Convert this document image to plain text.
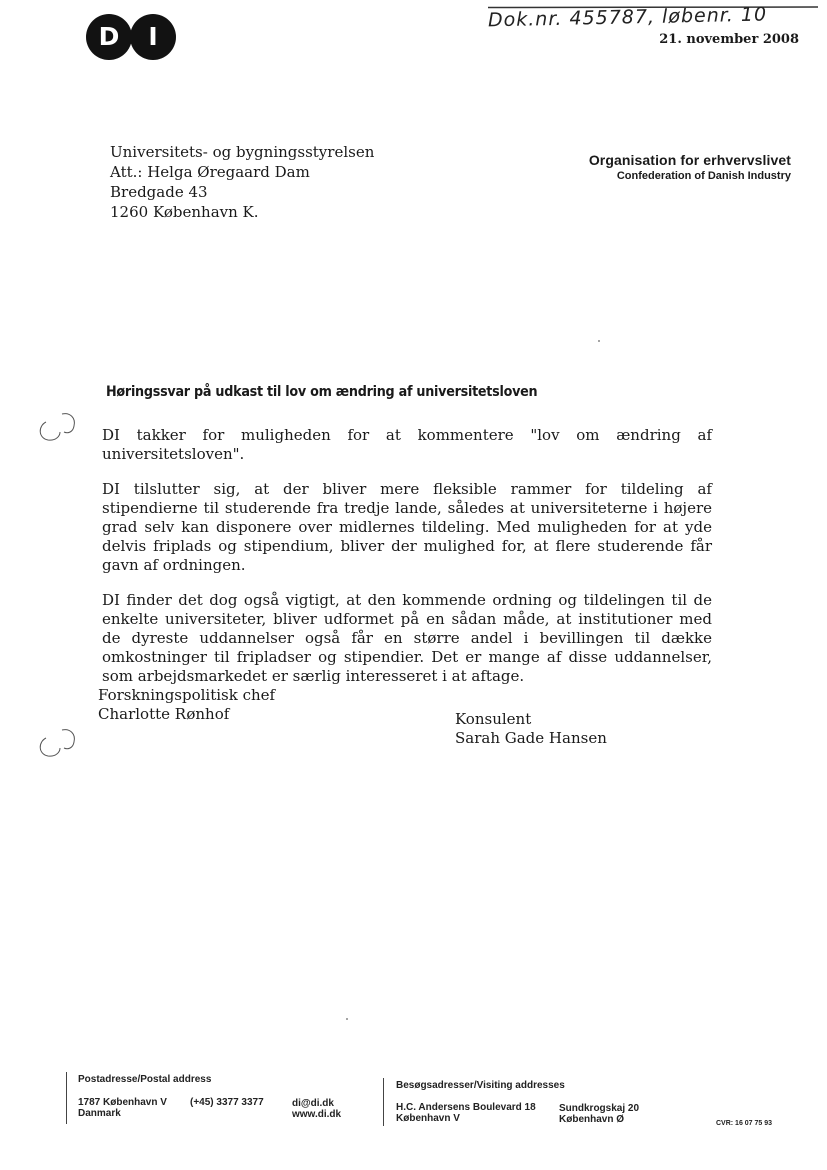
D	I
Dok.nr. 455787, løbenr. 10
21. november 2008
Universitets- og bygningsstyrelsen
Att.: Helga Øregaard Dam
Bredgade 43
1260 København K.
Organisation for erhvervslivet
Confederation of Danish Industry
Høringssvar på udkast til lov om ændring af universitetsloven

DI takker for muligheden for at kommentere "lov om ændring af universitetsloven".

DI tilslutter sig, at der bliver mere fleksible rammer for tildeling af stipendierne til studerende fra tredje lande, således at universiteterne i højere grad selv kan disponere over midlernes tildeling. Med muligheden for at yde delvis friplads og stipendium, bliver der mulighed for, at flere studerende får gavn af ordningen.

DI finder det dog også vigtigt, at den kommende ordning og tildelingen til de enkelte universiteter, bliver udformet på en sådan måde, at institutioner med de dyreste uddannelser også får en større andel i bevillingen til dække omkostninger til fripladser og stipendier. Det er mange af disse uddannelser, som arbejdsmarkedet er særlig interesseret i at aftage.

Forskningspolitisk chef
Charlotte Rønhof	Konsulent
Sarah Gade Hansen
Postadresse/Postal address
1787 København V
Danmark
(+45) 3377 3377	di@di.dk
www.di.dk
Besøgsadresser/Visiting addresses
H.C. Andersens Boulevard 18
København V
Sundkrogskaj 20
København Ø	CVR: 16 07 75 93
